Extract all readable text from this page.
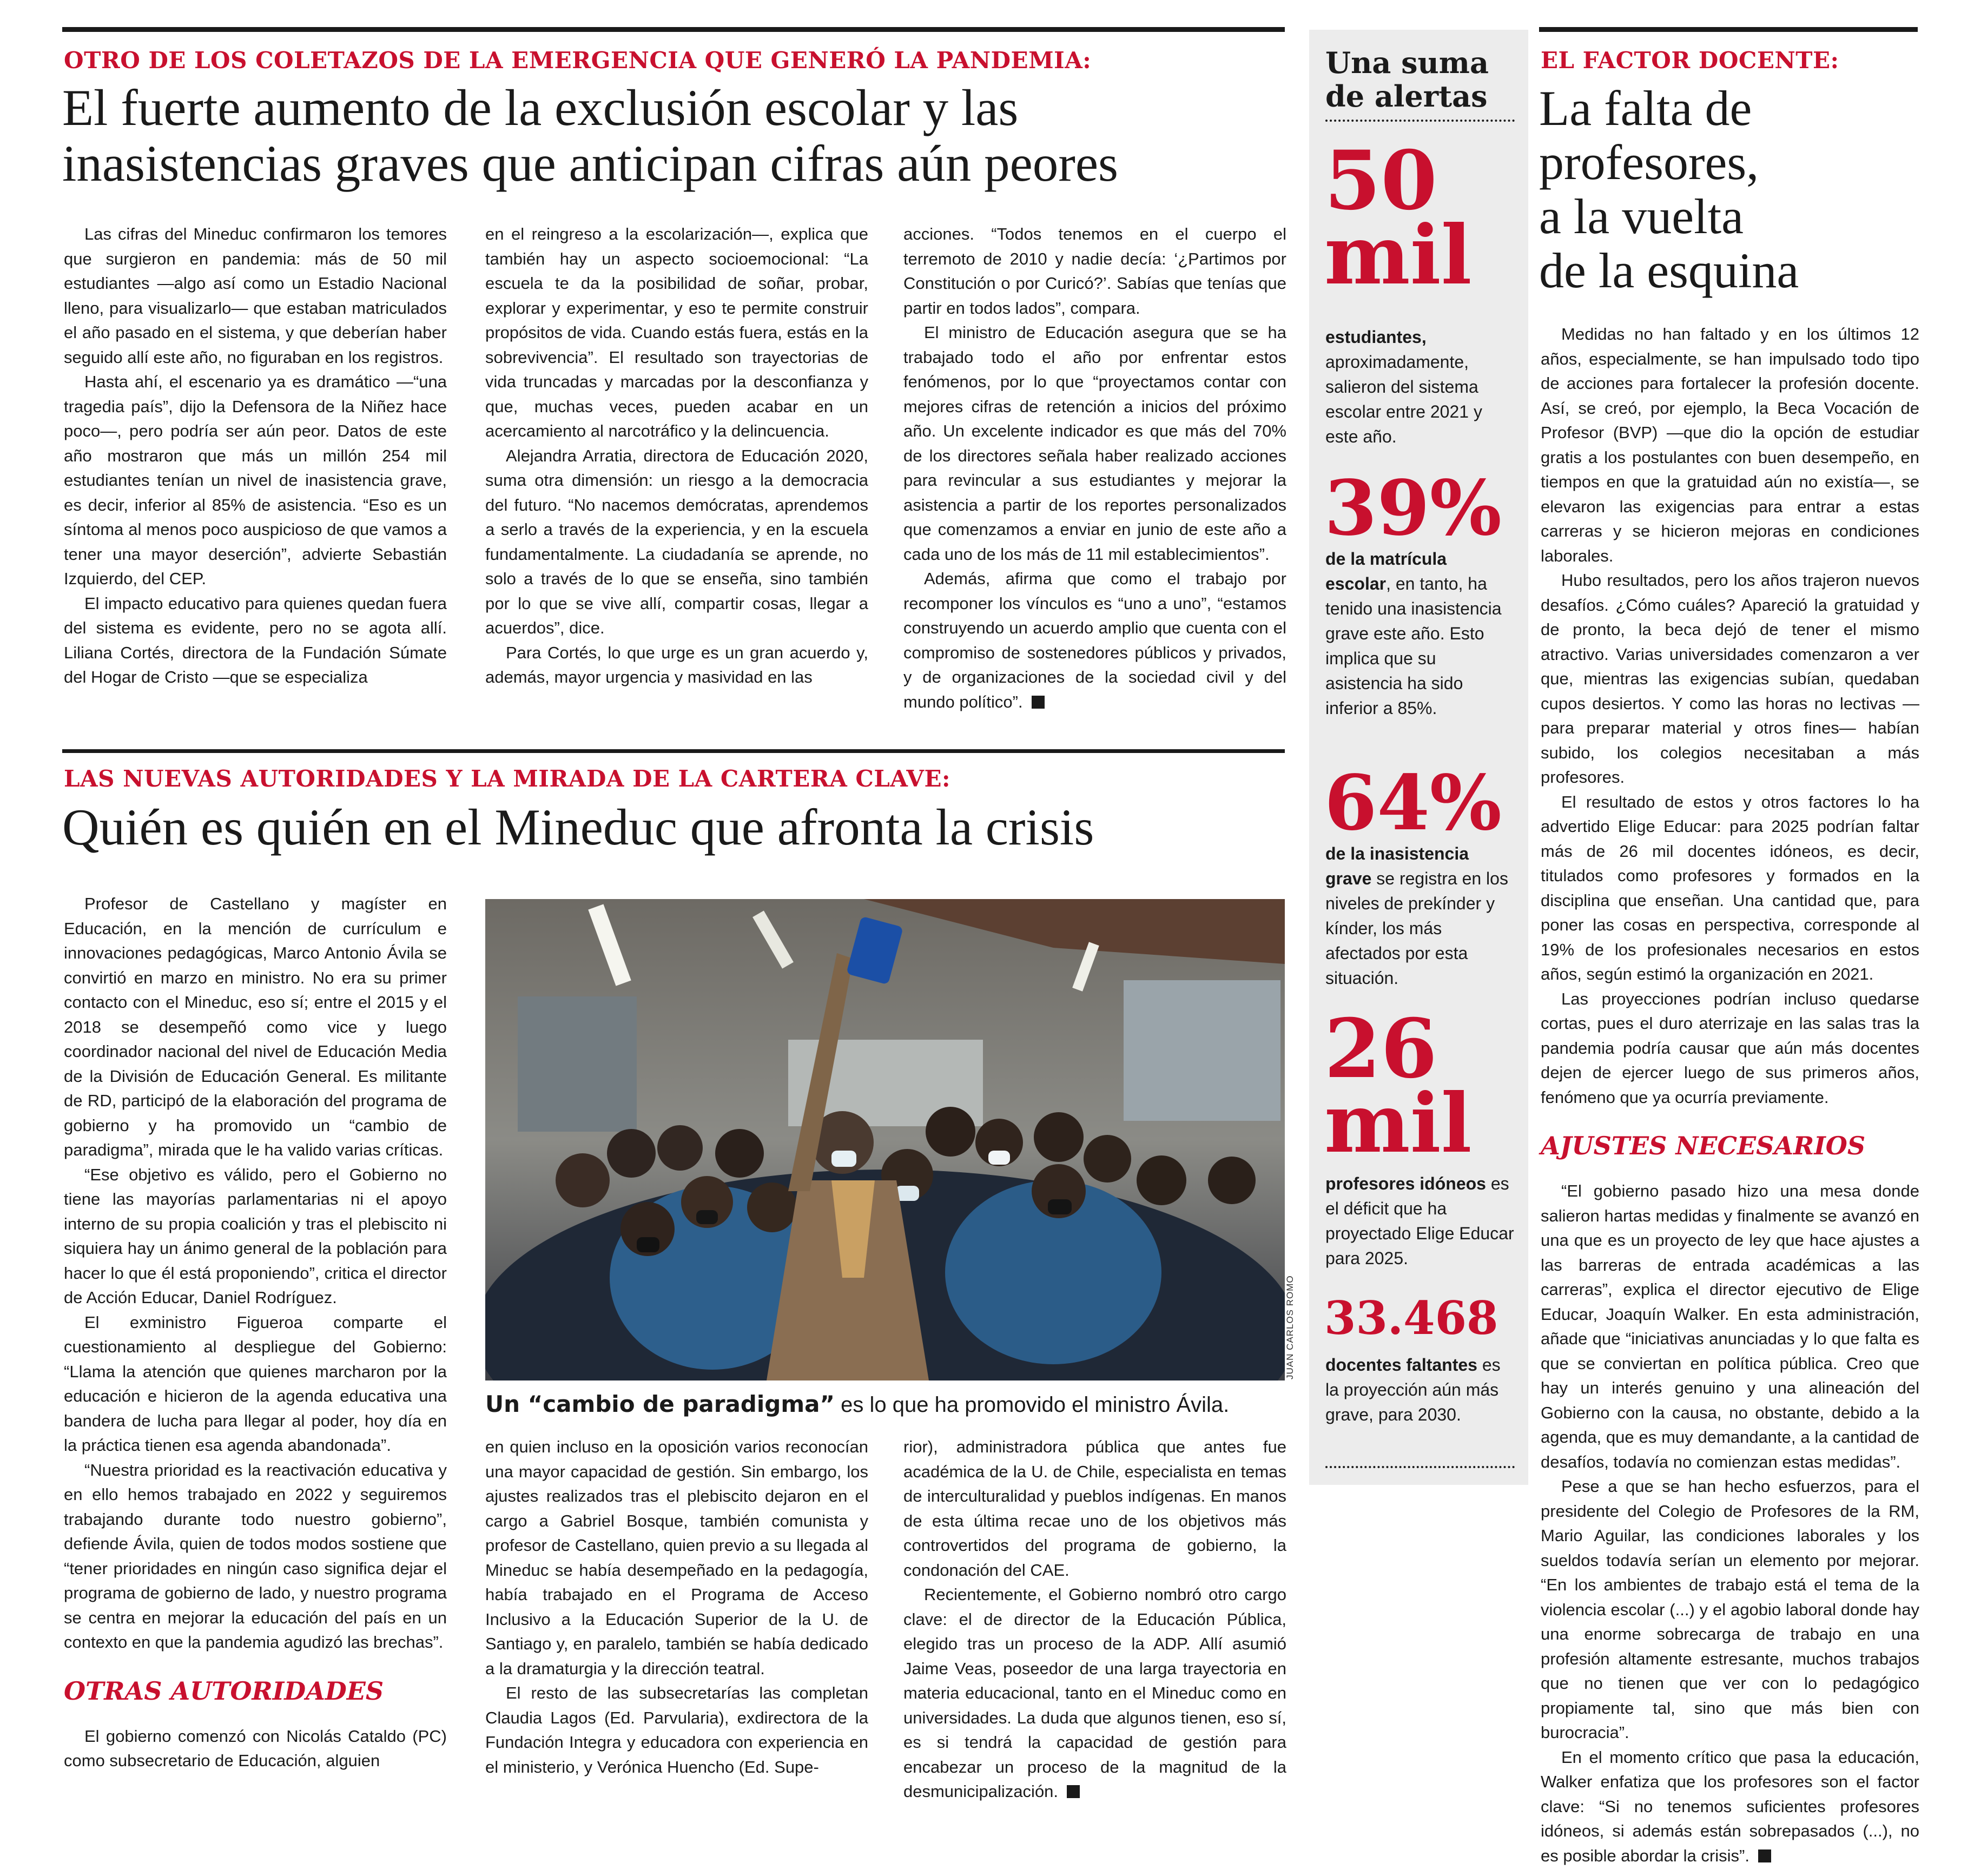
OTRO DE LOS COLETAZOS DE LA EMERGENCIA QUE GENERÓ LA PANDEMIA:
El fuerte aumento de la exclusión escolar y las
inasistencias graves que anticipan cifras aún peores

Las cifras del Mineduc confirmaron los temores que surgieron en pandemia: más de 50 mil estudiantes —algo así como un Estadio Nacional lleno, para visualizarlo— que estaban matriculados el año pasado en el sistema, y que deberían haber seguido allí este año, no figuraban en los registros.

Hasta ahí, el escenario ya es dramático —“una tragedia país”, dijo la Defensora de la Niñez hace poco—, pero podría ser aún peor. Datos de este año mostraron que más un millón 254 mil estudiantes tenían un nivel de inasistencia grave, es decir, inferior al 85% de asistencia. “Eso es un síntoma al menos poco auspicioso de que vamos a tener una mayor deserción”, advierte Sebastián Izquierdo, del CEP.

El impacto educativo para quienes quedan fuera del sistema es evidente, pero no se agota allí. Liliana Cortés, directora de la Fundación Súmate del Hogar de Cristo —que se especializa

en el reingreso a la escolarización—, explica que también hay un aspecto socioemocional: “La escuela te da la posibilidad de soñar, probar, explorar y experimentar, y eso te permite construir propósitos de vida. Cuando estás fuera, estás en la sobrevivencia”. El resultado son trayectorias de vida truncadas y marcadas por la desconfianza y que, muchas veces, pueden acabar en un acercamiento al narcotráfico y la delincuencia.

Alejandra Arratia, directora de Educación 2020, suma otra dimensión: un riesgo a la democracia del futuro. “No nacemos demócratas, aprendemos a serlo a través de la experiencia, y en la escuela fundamentalmente. La ciudadanía se aprende, no solo a través de lo que se enseña, sino también por lo que se vive allí, compartir cosas, llegar a acuerdos”, dice.

Para Cortés, lo que urge es un gran acuerdo y, además, mayor urgencia y masividad en las

acciones. “Todos tenemos en el cuerpo el terremoto de 2010 y nadie decía: ‘¿Partimos por Constitución o por Curicó?’. Sabías que tenías que partir en todos lados”, compara.

El ministro de Educación asegura que se ha trabajado todo el año por enfrentar estos fenómenos, por lo que “proyectamos contar con mejores cifras de retención a inicios del próximo año. Un excelente indicador es que más del 70% de los directores señala haber realizado acciones para revincular a sus estudiantes y mejorar la asistencia a partir de los reportes personalizados que comenzamos a enviar en junio de este año a cada uno de los más de 11 mil establecimientos”.

Además, afirma que como el trabajo por recomponer los vínculos es “uno a uno”, “estamos construyendo un acuerdo amplio que cuenta con el compromiso de sostenedores públicos y privados, y de organizaciones de la sociedad civil y del mundo político”.

LAS NUEVAS AUTORIDADES Y LA MIRADA DE LA CARTERA CLAVE:
Quién es quién en el Mineduc que afronta la crisis

Profesor de Castellano y magíster en Educación, en la mención de currículum e innovaciones pedagógicas, Marco Antonio Ávila se convirtió en marzo en ministro. No era su primer contacto con el Mineduc, eso sí; entre el 2015 y el 2018 se desempeñó como vice y luego coordinador nacional del nivel de Educación Media de la División de Educación General. Es militante de RD, participó de la elaboración del programa de gobierno y ha promovido un “cambio de paradigma”, mirada que le ha valido varias críticas.

“Ese objetivo es válido, pero el Gobierno no tiene las mayorías parlamentarias ni el apoyo interno de su propia coalición y tras el plebiscito ni siquiera hay un ánimo general de la población para hacer lo que él está proponiendo”, critica el director de Acción Educar, Daniel Rodríguez.

El exministro Figueroa comparte el cuestionamiento al despliegue del Gobierno: “Llama la atención que quienes marcharon por la educación e hicieron de la agenda educativa una bandera de lucha para llegar al poder, hoy día en la práctica tienen esa agenda abandonada”.

“Nuestra prioridad es la reactivación educativa y en ello hemos trabajado en 2022 y seguiremos trabajando durante todo nuestro gobierno”, defiende Ávila, quien de todos modos sostiene que “tener prioridades en ningún caso significa dejar el programa de gobierno de lado, y nuestro programa se centra en mejorar la educación del país en un contexto en que la pandemia agudizó las brechas”.

OTRAS AUTORIDADES

El gobierno comenzó con Nicolás Cataldo (PC) como subsecretario de Educación, alguien

JUAN CARLOS ROMO
Un “cambio de paradigma” es lo que ha promovido el ministro Ávila.

en quien incluso en la oposición varios reconocían una mayor capacidad de gestión. Sin embargo, los ajustes realizados tras el plebiscito dejaron en el cargo a Gabriel Bosque, también comunista y profesor de Castellano, quien previo a su llegada al Mineduc se había desempeñado en la pedagogía, había trabajado en el Programa de Acceso Inclusivo a la Educación Superior de la U. de Santiago y, en paralelo, también se había dedicado a la dramaturgia y la dirección teatral.

El resto de las subsecretarías las completan Claudia Lagos (Ed. Parvularia), exdirectora de la Fundación Integra y educadora con experiencia en el ministerio, y Verónica Huencho (Ed. Supe-

rior), administradora pública que antes fue académica de la U. de Chile, especialista en temas de interculturalidad y pueblos indígenas. En manos de esta última recae uno de los objetivos más controvertidos del programa de gobierno, la condonación del CAE.

Recientemente, el Gobierno nombró otro cargo clave: el de director de la Educación Pública, elegido tras un proceso de la ADP. Allí asumió Jaime Veas, poseedor de una larga trayectoria en materia educacional, tanto en el Mineduc como en universidades. La duda que algunos tienen, eso sí, es si tendrá la capacidad de gestión para encabezar un proceso de la magnitud de la desmunicipalización.

Una suma de alertas
50 mil
estudiantes, aproximadamente, salieron del sistema escolar entre 2021 y este año.
39%
de la matrícula escolar, en tanto, ha tenido una inasistencia grave este año. Esto implica que su asistencia ha sido inferior a 85%.
64%
de la inasistencia grave se registra en los niveles de prekínder y kínder, los más afectados por esta situación.
26 mil
profesores idóneos es el déficit que ha proyectado Elige Educar para 2025.
33.468
docentes faltantes es la proyección aún más grave, para 2030.
EL FACTOR DOCENTE:
La falta de
profesores,
a la vuelta
de la esquina

Medidas no han faltado y en los últimos 12 años, especialmente, se han impulsado todo tipo de acciones para fortalecer la profesión docente. Así, se creó, por ejemplo, la Beca Vocación de Profesor (BVP) —que dio la opción de estudiar gratis a los postulantes con buen desempeño, en tiempos en que la gratuidad aún no existía—, se elevaron las exigencias para entrar a estas carreras y se hicieron mejoras en condiciones laborales.

Hubo resultados, pero los años trajeron nuevos desafíos. ¿Cómo cuáles? Apareció la gratuidad y de pronto, la beca dejó de tener el mismo atractivo. Varias universidades comenzaron a ver que, mientras las exigencias subían, quedaban cupos desiertos. Y como las horas no lectivas —para preparar material y otros fines— habían subido, los colegios necesitaban a más profesores.

El resultado de estos y otros factores lo ha advertido Elige Educar: para 2025 podrían faltar más de 26 mil docentes idóneos, es decir, titulados como profesores y formados en la disciplina que enseñan. Una cantidad que, para poner las cosas en perspectiva, corresponde al 19% de los profesionales necesarios en estos años, según estimó la organización en 2021.

Las proyecciones podrían incluso quedarse cortas, pues el duro aterrizaje en las salas tras la pandemia podría causar que aún más docentes dejen de ejercer luego de sus primeros años, fenómeno que ya ocurría previamente.

AJUSTES NECESARIOS

“El gobierno pasado hizo una mesa donde salieron hartas medidas y finalmente se avanzó en una que es un proyecto de ley que hace ajustes a las barreras de entrada académicas a las carreras”, explica el director ejecutivo de Elige Educar, Joaquín Walker. En esta administración, añade que “iniciativas anunciadas y lo que falta es que se conviertan en política pública. Creo que hay un interés genuino y una alineación del Gobierno con la causa, no obstante, debido a la agenda, que es muy demandante, a la cantidad de desafíos, todavía no comienzan estas medidas”.

Pese a que se han hecho esfuerzos, para el presidente del Colegio de Profesores de la RM, Mario Aguilar, las condiciones laborales y los sueldos todavía serían un elemento por mejorar. “En los ambientes de trabajo está el tema de la violencia escolar (...) y el agobio laboral donde hay una enorme sobrecarga de trabajo en una profesión altamente estresante, muchos trabajos que no tienen que ver con lo pedagógico propiamente tal, sino que más bien con burocracia”.

En el momento crítico que pasa la educación, Walker enfatiza que los profesores son el factor clave: “Si no tenemos suficientes profesores idóneos, si además están sobrepasados (...), no es posible abordar la crisis”.
